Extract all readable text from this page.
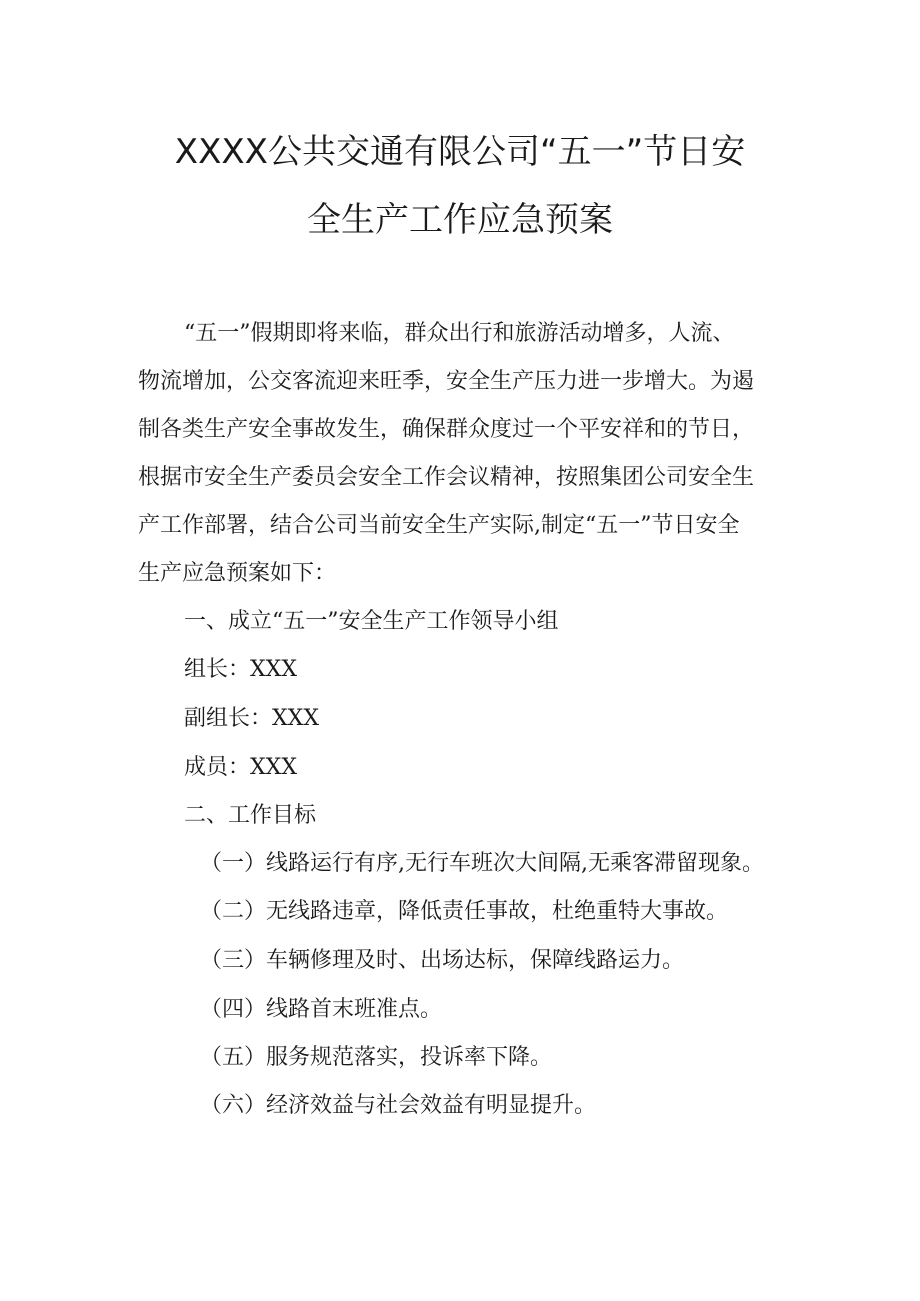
XXXX公共交通有限公司“五一”节日安
全生产工作应急预案
“五一”假期即将来临，群众出行和旅游活动增多，人流、
物流增加，公交客流迎来旺季，安全生产压力进一步增大。为遏
制各类生产安全事故发生，确保群众度过一个平安祥和的节日，
根据市安全生产委员会安全工作会议精神，按照集团公司安全生
产工作部署，结合公司当前安全生产实际,制定“五一”节日安全
生产应急预案如下：
一、成立“五一”安全生产工作领导小组
组长：XXX
副组长：XXX
成员：XXX
二、工作目标
（一）线路运行有序,无行车班次大间隔,无乘客滞留现象。
（二）无线路违章，降低责任事故，杜绝重特大事故。
（三）车辆修理及时、出场达标，保障线路运力。
（四）线路首末班准点。
（五）服务规范落实，投诉率下降。
（六）经济效益与社会效益有明显提升。
